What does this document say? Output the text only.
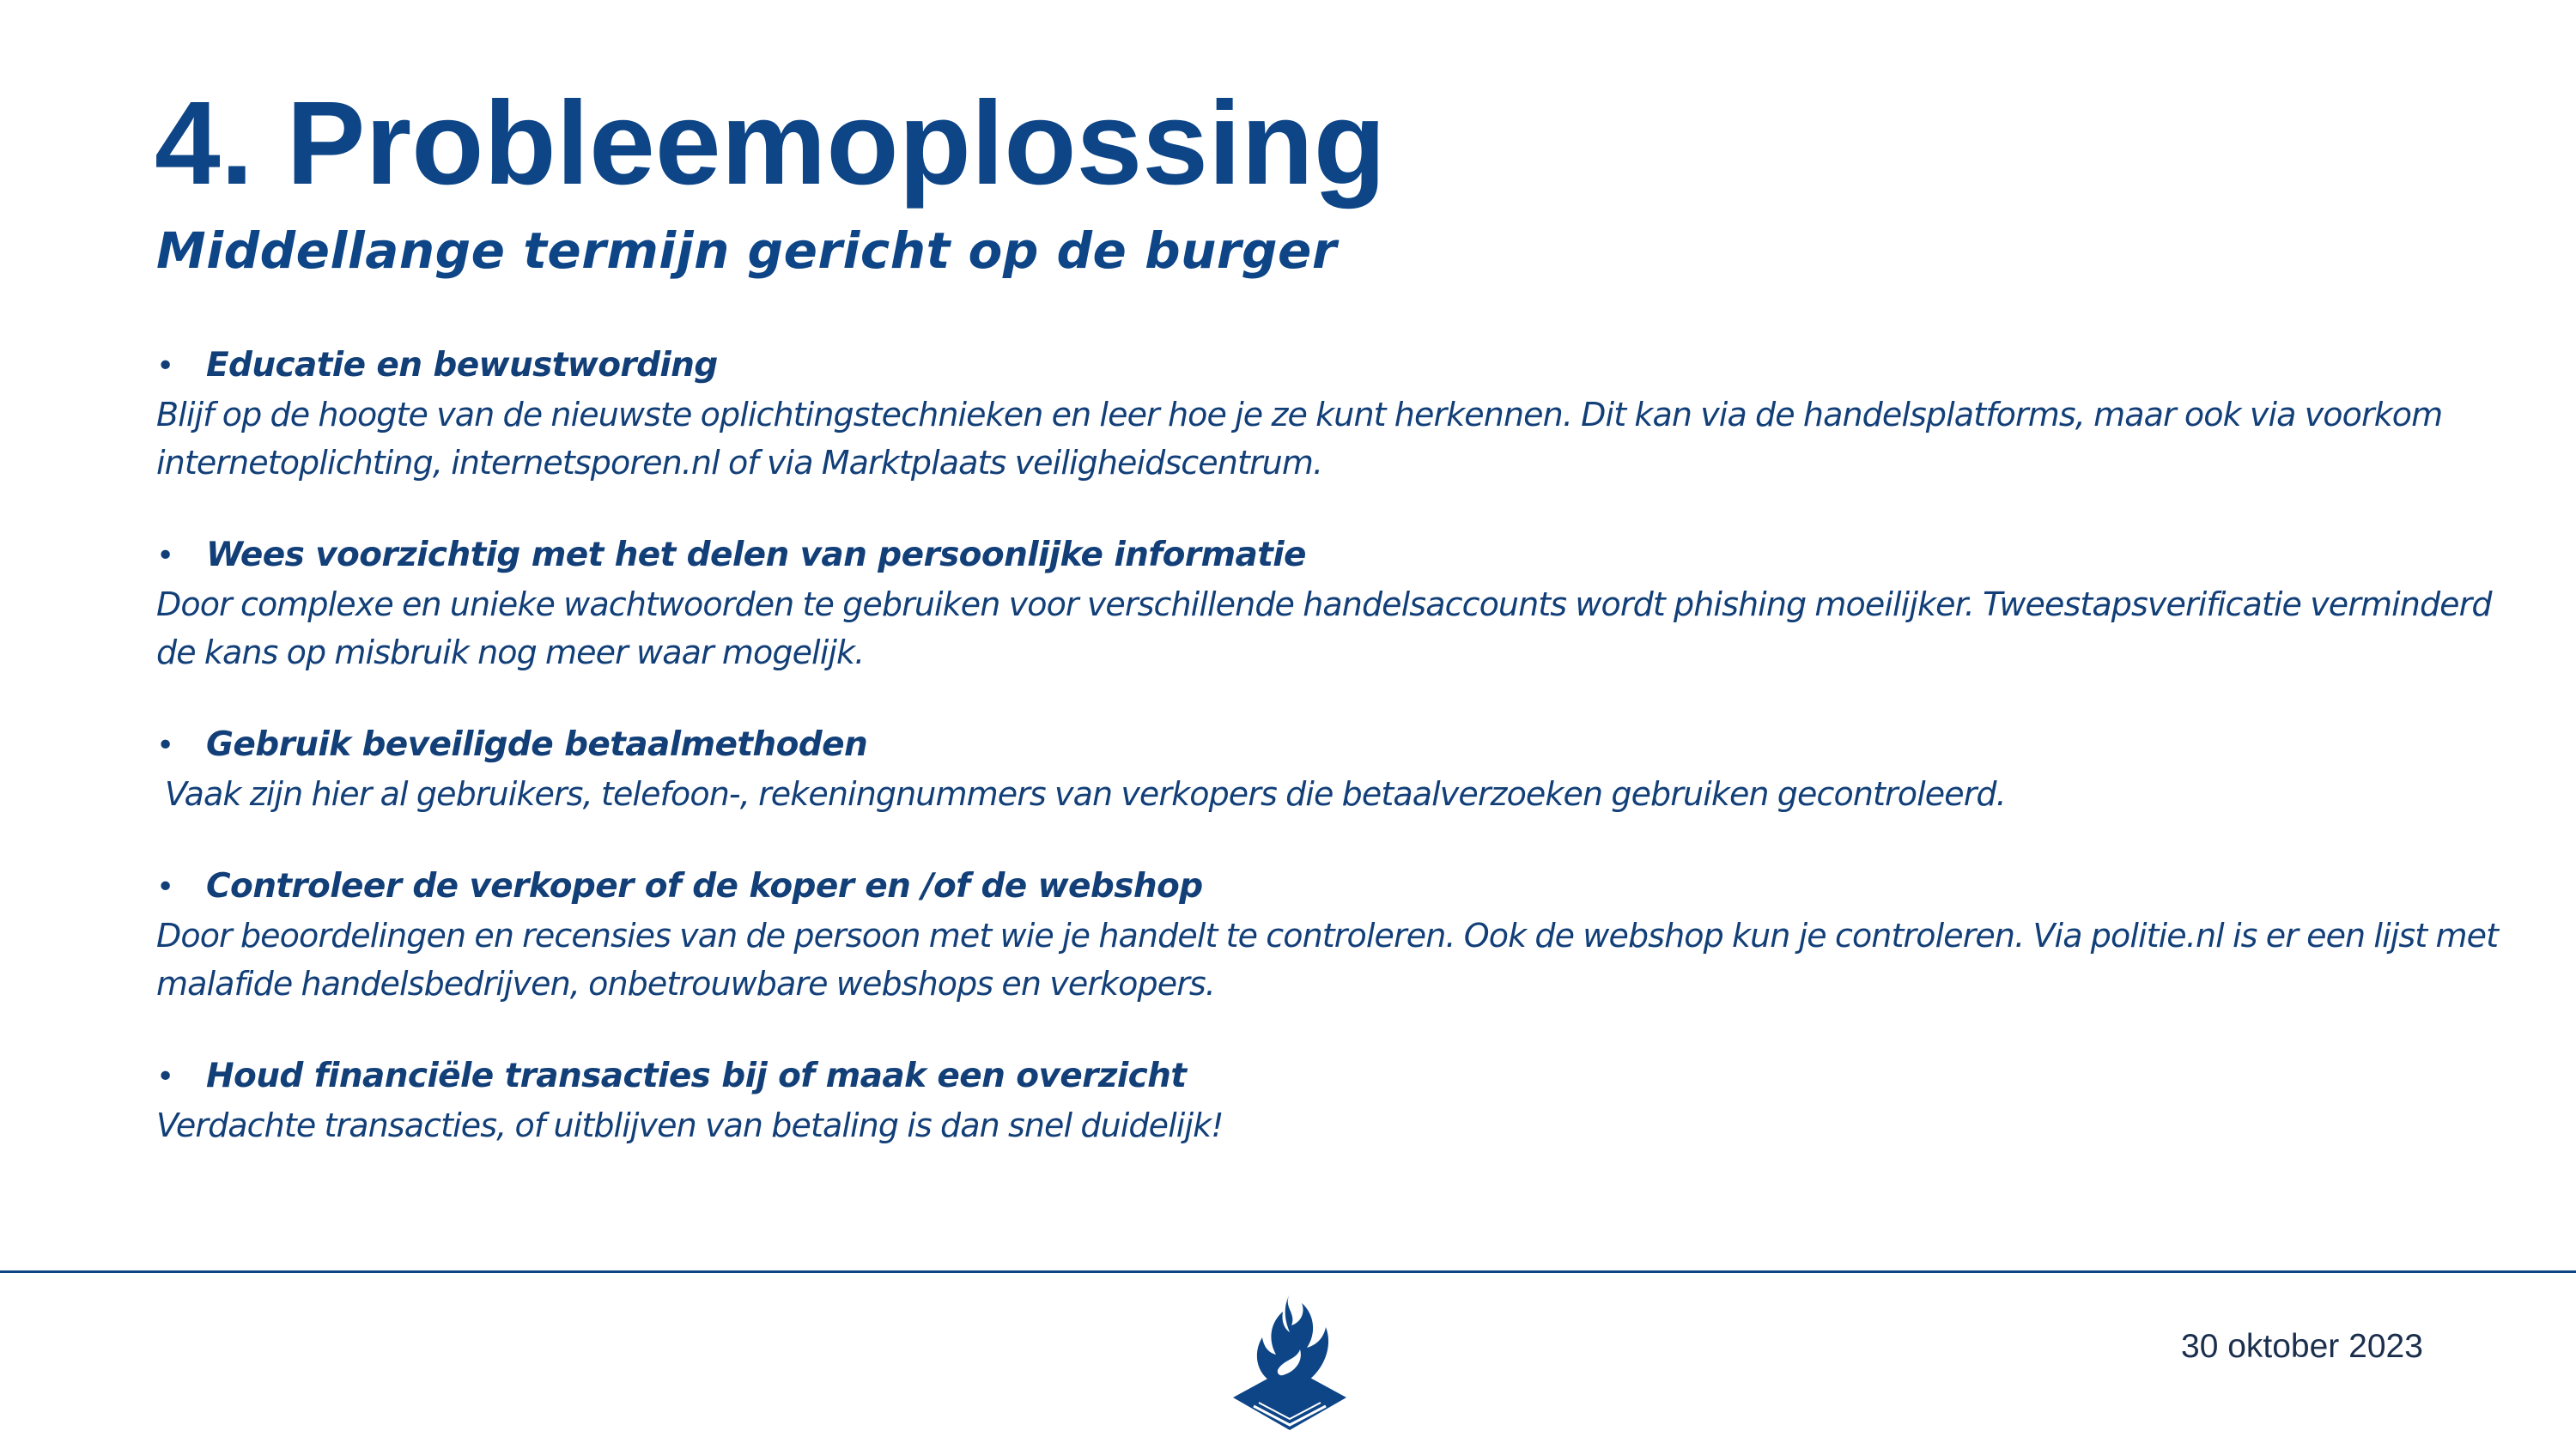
4. Probleemoplossing
Middellange termijn gericht op de burger
• Educatie en bewustwording
Blijf op de hoogte van de nieuwste oplichtingstechnieken en leer hoe je ze kunt herkennen. Dit kan via de handelsplatforms, maar ook via voorkom internetoplichting, internetsporen.nl of via Marktplaats veiligheidscentrum.
• Wees voorzichtig met het delen van persoonlijke informatie
Door complexe en unieke wachtwoorden te gebruiken voor verschillende handelsaccounts wordt phishing moeilijker. Tweestapsverificatie verminderd de kans op misbruik nog meer waar mogelijk.
• Gebruik beveiligde betaalmethoden
Vaak zijn hier al gebruikers, telefoon-, rekeningnummers van verkopers die betaalverzoeken gebruiken gecontroleerd.
• Controleer de verkoper of de koper en /of de webshop
Door beoordelingen en recensies van de persoon met wie je handelt te controleren. Ook de webshop kun je controleren. Via politie.nl is er een lijst met malafide handelsbedrijven, onbetrouwbare webshops en verkopers.
• Houd financiële transacties bij of maak een overzicht
Verdachte transacties, of uitblijven van betaling is dan snel duidelijk!
30 oktober 2023
